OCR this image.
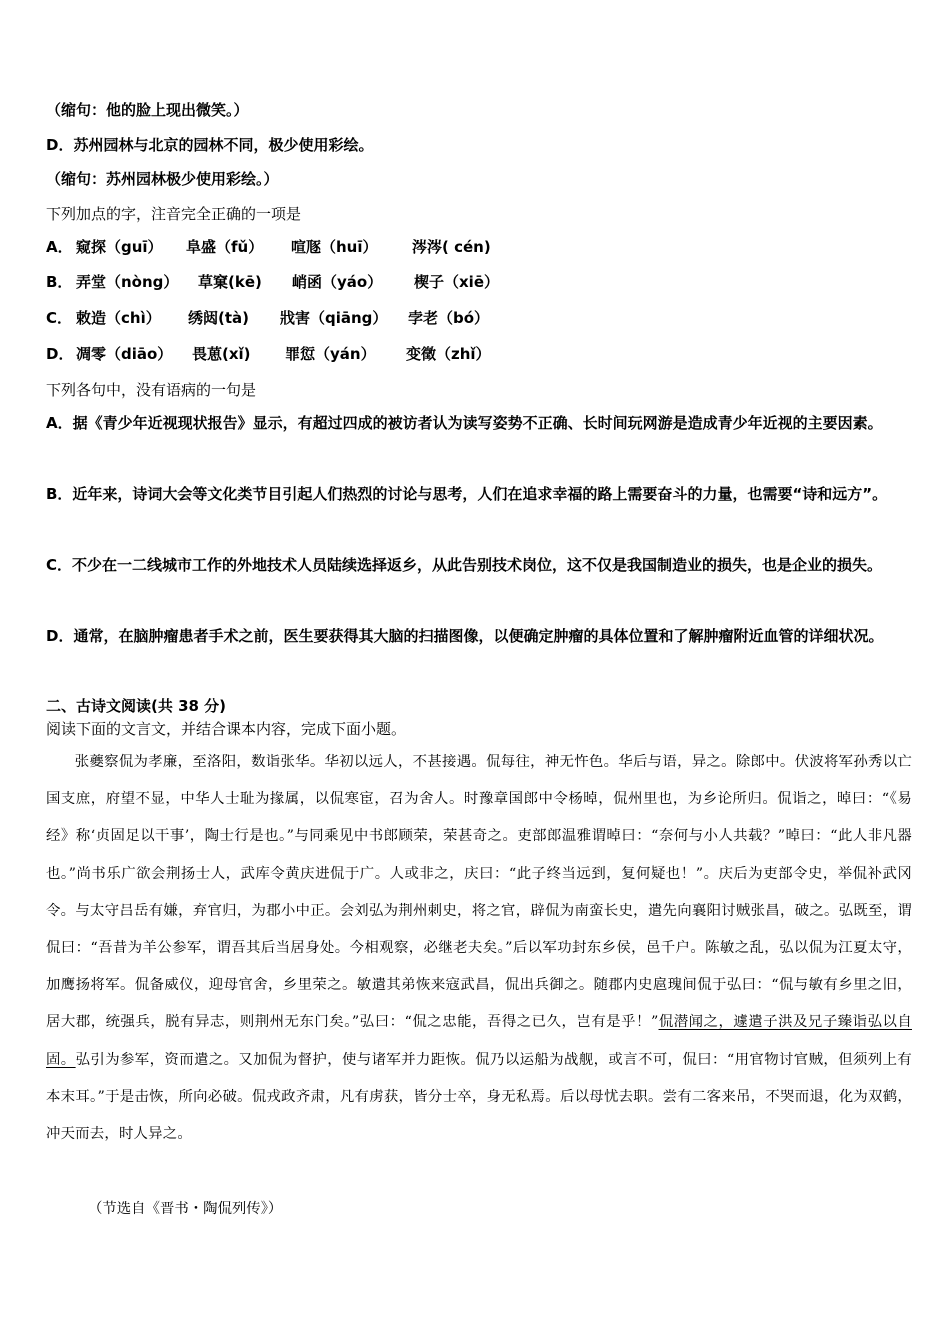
（缩句：他的脸上现出微笑。）
D．苏州园林与北京的园林不同，极少使用彩绘。
（缩句：苏州园林极少使用彩绘。）
下列加点的字，注音完全正确的一项是
A． 窥探（guī） 阜盛（fǔ） 喧豗（huī） 涔涔( cén)
B． 弄堂（nòng） 草窠(kē) 峭函（yáo） 楔子（xiē）
C． 敕造（chì） 绣闼(tà) 戕害（qiāng） 孛老（bó）
D． 凋零（diāo） 畏葸(xǐ) 罪愆（yán） 变徵（zhǐ）
下列各句中，没有语病的一句是
A．据《青少年近视现状报告》显示，有超过四成的被访者认为读写姿势不正确、长时间玩网游是造成青少年近视的主要因素。
B．近年来，诗词大会等文化类节目引起人们热烈的讨论与思考，人们在追求幸福的路上需要奋斗的力量，也需要“诗和远方”。
C．不少在一二线城市工作的外地技术人员陆续选择返乡，从此告别技术岗位，这不仅是我国制造业的损失，也是企业的损失。
D．通常，在脑肿瘤患者手术之前，医生要获得其大脑的扫描图像，以便确定肿瘤的具体位置和了解肿瘤附近血管的详细状况。
二、古诗文阅读(共 38 分)
阅读下面的文言文，并结合课本内容，完成下面小题。
张夔察侃为孝廉，至洛阳，数诣张华。华初以远人，不甚接遇。侃每往，神无忤色。华后与语，异之。除郎中。伏波将军孙秀以亡国支庶，府望不显，中华人士耻为掾属，以侃寒宦，召为舍人。时豫章国郎中令杨晫，侃州里也，为乡论所归。侃诣之，晫曰：“《易经》称‘贞固足以干事’，陶士行是也。”与同乘见中书郎顾荣，荣甚奇之。吏部郎温雅谓晫曰：“奈何与小人共载？”晫曰：“此人非凡器也。”尚书乐广欲会荆扬士人，武库令黄庆进侃于广。人或非之，庆曰：“此子终当远到，复何疑也！”。庆后为吏部令史，举侃补武冈令。与太守吕岳有嫌，弃官归，为郡小中正。会刘弘为荆州刺史，将之官，辟侃为南蛮长史，遣先向襄阳讨贼张昌，破之。弘既至，谓侃曰：“吾昔为羊公参军，谓吾其后当居身处。今相观察，必继老夫矣。”后以军功封东乡侯，邑千户。陈敏之乱，弘以侃为江夏太守，加鹰扬将军。侃备威仪，迎母官舍，乡里荣之。敏遣其弟恢来寇武昌，侃出兵御之。随郡内史扈瑰间侃于弘曰：“侃与敏有乡里之旧，居大郡，统强兵，脱有异志，则荆州无东门矣。”弘曰：“侃之忠能，吾得之已久，岂有是乎！”侃潜闻之，遽遣子洪及兄子臻诣弘以自固。弘引为参军，资而遣之。又加侃为督护，使与诸军并力距恢。侃乃以运船为战舰，或言不可，侃曰：“用官物讨官贼，但须列上有本末耳。”于是击恢，所向必破。侃戎政齐肃，凡有虏获，皆分士卒，身无私焉。后以母忧去职。尝有二客来吊，不哭而退，化为双鹤，冲天而去，时人异之。
（节选自《晋书・陶侃列传》）
